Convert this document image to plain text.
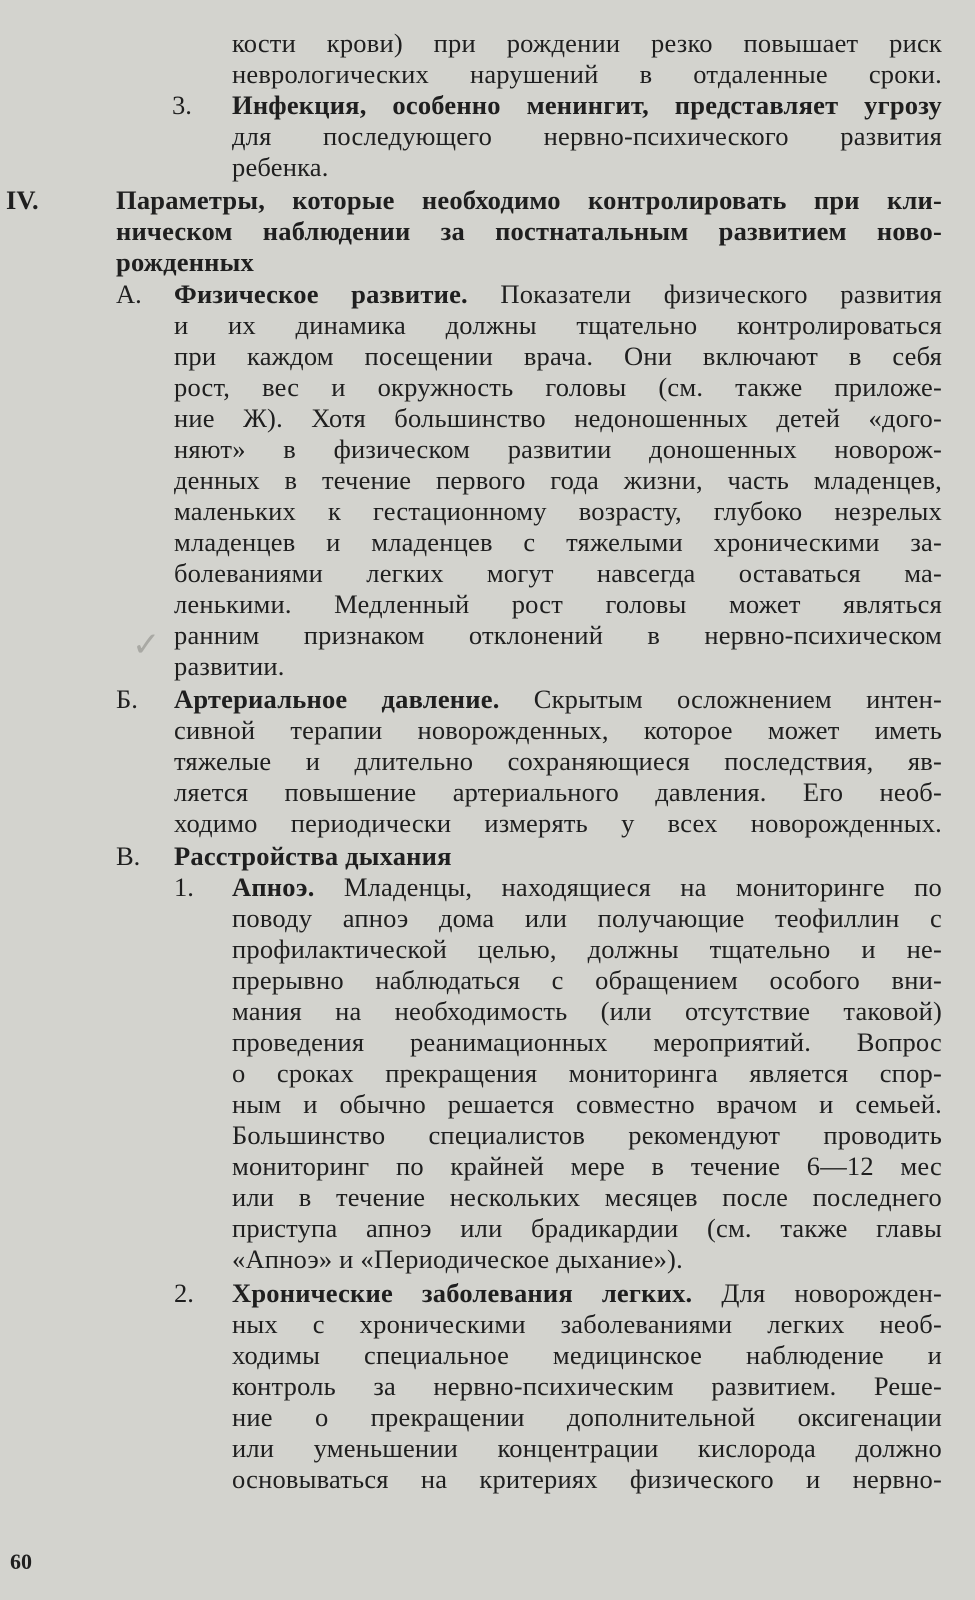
кости крови) при рождении резко повышает риск
неврологических нарушений в отдаленные сроки.
3. Инфекция, особенно менингит, представляет угрозу
для последующего нервно-психического развития
ребенка.
IV.	Параметры, которые необходимо контролировать при кли-
ническом наблюдении за постнатальным развитием ново-
рожденных
А. Физическое развитие. Показатели физического развития
и их динамика должны тщательно контролироваться
при каждом посещении врача. Они включают в себя
рост, вес и окружность головы (см. также приложе-
ние Ж). Хотя большинство недоношенных детей «дого-
няют» в физическом развитии доношенных новорож-
денных в течение первого года жизни, часть младенцев,
маленьких к гестационному возрасту, глубоко незрелых
младенцев и младенцев с тяжелыми хроническими за-
болеваниями легких могут навсегда оставаться ма-
ленькими. Медленный рост головы может являться
ранним признаком отклонений в нервно-психическом
развитии.
✓
Б. Артериальное давление. Скрытым осложнением интен-
сивной терапии новорожденных, которое может иметь
тяжелые и длительно сохраняющиеся последствия, яв-
ляется повышение артериального давления. Его необ-
ходимо периодически измерять у всех новорожденных.
В. Расстройства дыхания
1. Апноэ. Младенцы, находящиеся на мониторинге по
поводу апноэ дома или получающие теофиллин с
профилактической целью, должны тщательно и не-
прерывно наблюдаться с обращением особого вни-
мания на необходимость (или отсутствие таковой)
проведения реанимационных мероприятий. Вопрос
о сроках прекращения мониторинга является спор-
ным и обычно решается совместно врачом и семьей.
Большинство специалистов рекомендуют проводить
мониторинг по крайней мере в течение 6—12 мес
или в течение нескольких месяцев после последнего
приступа апноэ или брадикардии (см. также главы
«Апноэ» и «Периодическое дыхание»).
2. Хронические заболевания легких. Для новорожден-
ных с хроническими заболеваниями легких необ-
ходимы специальное медицинское наблюдение и
контроль за нервно-психическим развитием. Реше-
ние о прекращении дополнительной оксигенации
или уменьшении концентрации кислорода должно
основываться на критериях физического и нервно-
60
